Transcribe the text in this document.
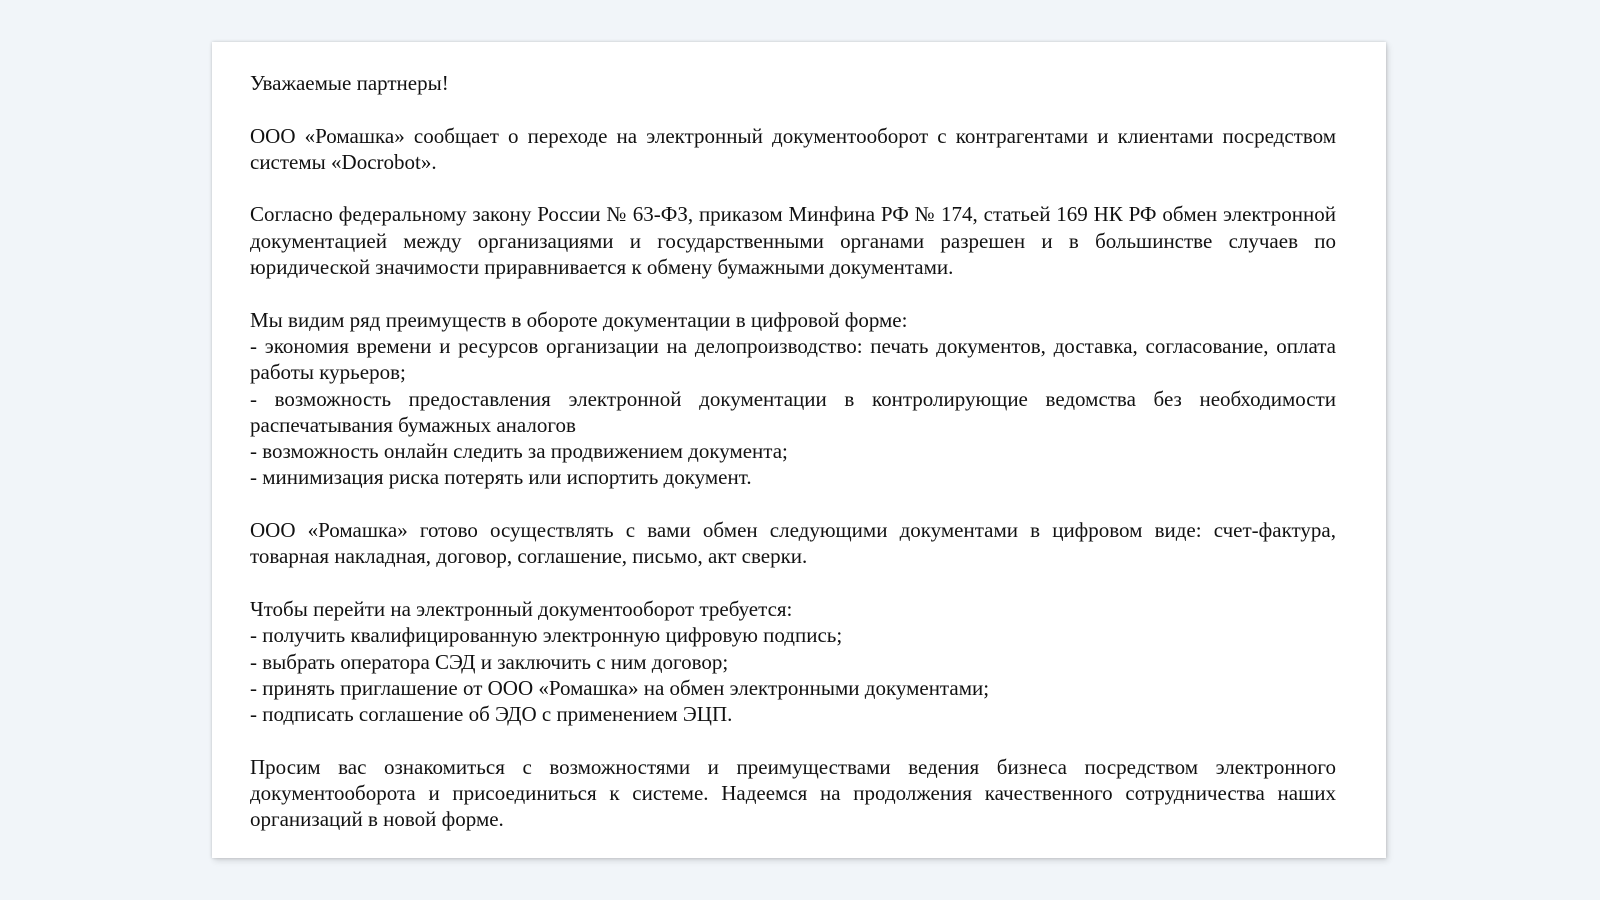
Уважаемые партнеры!

ООО «Ромашка» сообщает о переходе на электронный документооборот с контрагентами и клиентами посредством системы «Docrobot».

Согласно федеральному закону России № 63-ФЗ, приказом Минфина РФ № 174, статьей 169 НК РФ обмен электронной документацией между организациями и государственными органами разрешен и в большинстве случаев по юридической значимости приравнивается к обмену бумажными документами.

Мы видим ряд преимуществ в обороте документации в цифровой форме:
- экономия времени и ресурсов организации на делопроизводство: печать документов, доставка, согласование, оплата работы курьеров;
- возможность предоставления электронной документации в контролирующие ведомства без необходимости распечатывания бумажных аналогов
- возможность онлайн следить за продвижением документа;
- минимизация риска потерять или испортить документ.

ООО «Ромашка» готово осуществлять с вами обмен следующими документами в цифровом виде: счет-фактура, товарная накладная, договор, соглашение, письмо, акт сверки.

Чтобы перейти на электронный документооборот требуется:
- получить квалифицированную электронную цифровую подпись;
- выбрать оператора СЭД и заключить с ним договор;
- принять приглашение от ООО «Ромашка» на обмен электронными документами;
- подписать соглашение об ЭДО с применением ЭЦП.

Просим вас ознакомиться с возможностями и преимуществами ведения бизнеса посредством электронного документооборота и присоединиться к системе. Надеемся на продолжения качественного сотрудничества наших организаций в новой форме.
